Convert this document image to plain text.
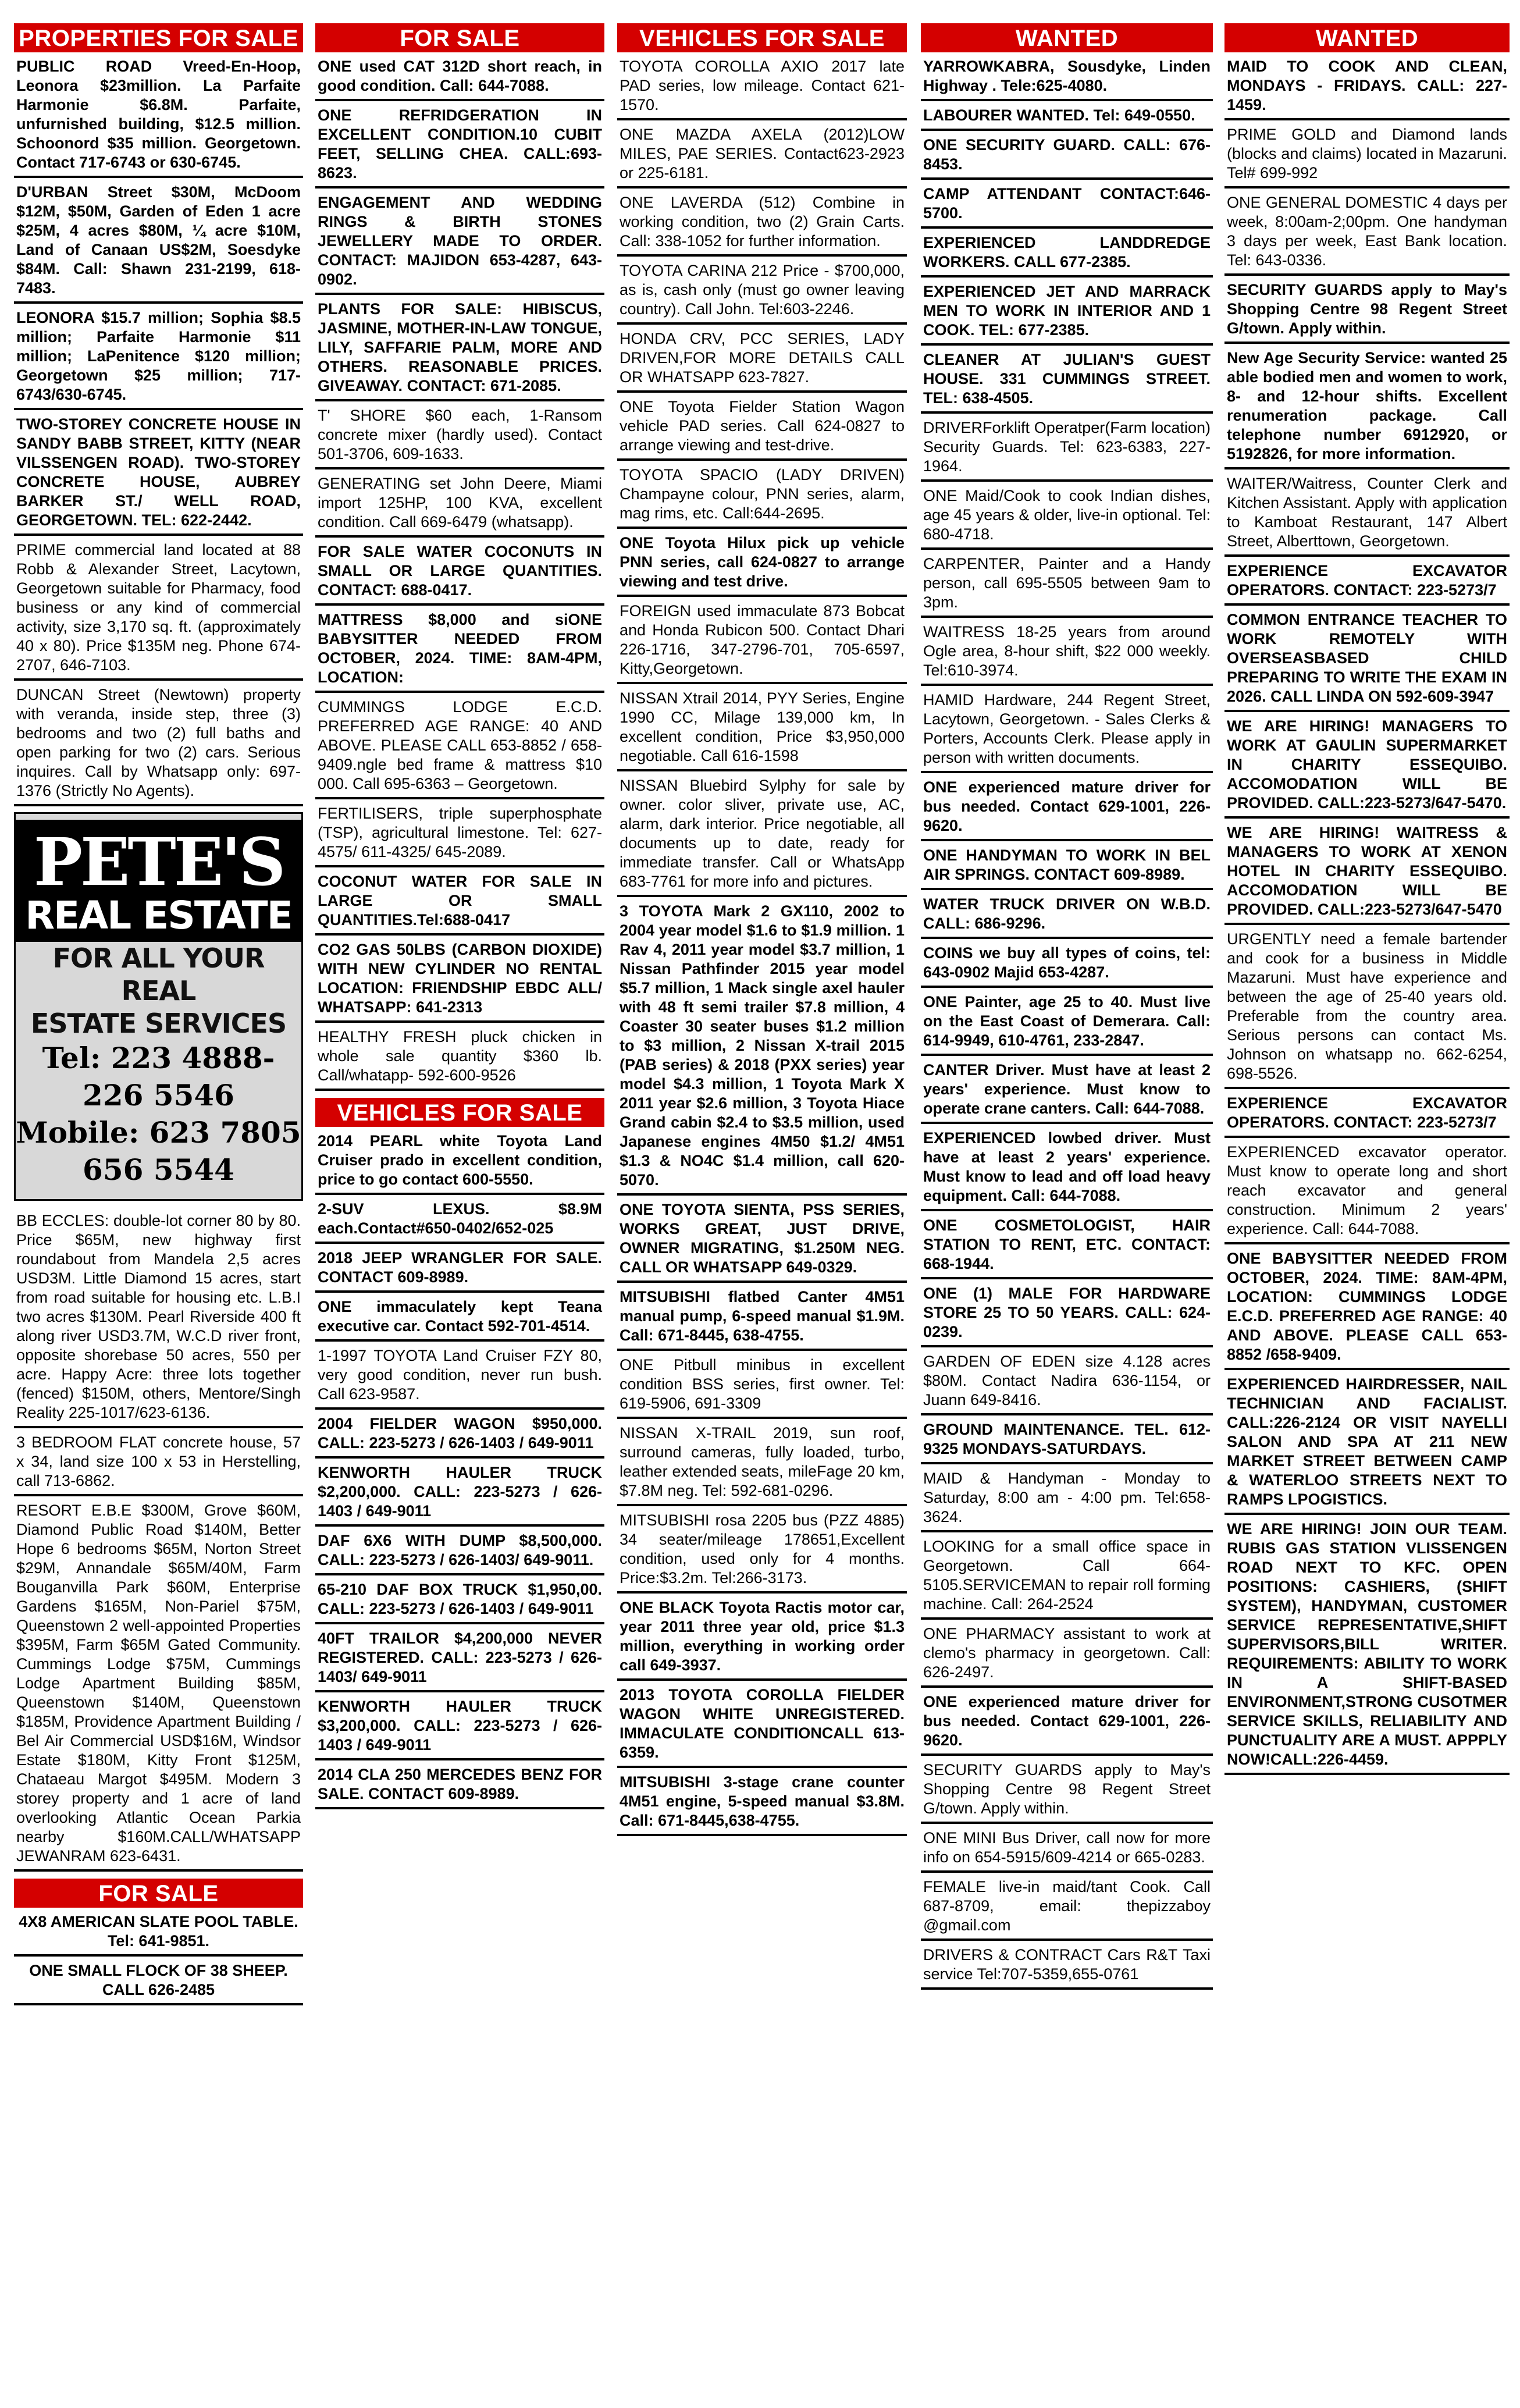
PROPERTIES FOR SALE
PUBLIC ROAD Vreed-En-Hoop, Leonora $23million. La Parfaite Harmonie $6.8M. Parfaite, unfurnished building, $12.5 million. Schoonord $35 million. Georgetown. Contact 717-6743 or 630-6745.
D'URBAN Street $30M, McDoom $12M, $50M, Garden of Eden 1 acre $25M, 4 acres $80M, ¼ acre $10M, Land of Canaan US$2M, Soesdyke $84M. Call: Shawn 231-2199, 618-7483.
LEONORA $15.7 million; Sophia $8.5 million; Parfaite Harmonie $11 million; LaPenitence $120 million; Georgetown $25 million; 717-6743/630-6745.
TWO-STOREY CONCRETE HOUSE IN SANDY BABB STREET, KITTY (NEAR VILSSENGEN ROAD). TWO-STOREY CONCRETE HOUSE, AUBREY BARKER ST./ WELL ROAD, GEORGETOWN. TEL: 622-2442.
PRIME commercial land located at 88 Robb & Alexander Street, Lacytown, Georgetown suitable for Pharmacy, food business or any kind of commercial activity, size 3,170 sq. ft. (approximately 40 x 80). Price $135M neg. Phone 674-2707, 646-7103.
DUNCAN Street (Newtown) property with veranda, inside step, three (3) bedrooms and two (2) full baths and open parking for two (2) cars. Serious inquires. Call by Whatsapp only: 697-1376 (Strictly No Agents).
PETE'S
REAL ESTATE
FOR ALL YOUR REAL
ESTATE SERVICES
Tel: 223 4888-
226 5546
Mobile: 623 7805
656 5544
BB ECCLES: double-lot corner 80 by 80. Price $65M, new highway first roundabout from Mandela 2,5 acres USD3M. Little Diamond 15 acres, start from road suitable for housing etc. L.B.I two acres $130M. Pearl Riverside 400 ft along river USD3.7M, W.C.D river front, opposite shorebase 50 acres, 550 per acre. Happy Acre: three lots together (fenced) $150M, others, Mentore/Singh Reality 225-1017/623-6136.
3 BEDROOM FLAT concrete house, 57 x 34, land size 100 x 53 in Herstelling, call 713-6862.
RESORT E.B.E $300M, Grove $60M, Diamond Public Road $140M, Better Hope 6 bedrooms $65M, Norton Street $29M, Annandale $65M/40M, Farm Bouganvilla Park $60M, Enterprise Gardens $165M, Non-Pariel $75M, Queenstown 2 well-appointed Properties $395M, Farm $65M Gated Community. Cummings Lodge $75M, Cummings Lodge Apartment Building $85M, Queenstown $140M, Queenstown $185M, Providence Apartment Building / Bel Air Commercial USD$16M, Windsor Estate $180M, Kitty Front $125M, Chataeau Margot $495M. Modern 3 storey property and 1 acre of land overlooking Atlantic Ocean Parkia nearby $160M.CALL/WHATSAPP JEWANRAM 623-6431.
FOR SALE
4X8 AMERICAN SLATE POOL TABLE. Tel: 641-9851.
ONE SMALL FLOCK OF 38 SHEEP. CALL 626-2485
FOR SALE
ONE used CAT 312D short reach, in good condition. Call: 644-7088.
ONE REFRIDGERATION IN EXCELLENT CONDITION.10 CUBIT FEET, SELLING CHEA. CALL:693-8623.
ENGAGEMENT AND WEDDING RINGS & BIRTH STONES JEWELLERY MADE TO ORDER. CONTACT: MAJIDON 653-4287, 643-0902.
PLANTS FOR SALE: HIBISCUS, JASMINE, MOTHER-IN-LAW TONGUE, LILY, SAFFARIE PALM, MORE AND OTHERS. REASONABLE PRICES. GIVEAWAY. CONTACT: 671-2085.
T' SHORE $60 each, 1-Ransom concrete mixer (hardly used). Contact 501-3706, 609-1633.
GENERATING set John Deere, Miami import 125HP, 100 KVA, excellent condition. Call 669-6479 (whatsapp).
FOR SALE WATER COCONUTS IN SMALL OR LARGE QUANTITIES. CONTACT: 688-0417.
MATTRESS $8,000 and siONE BABYSITTER NEEDED FROM OCTOBER, 2024. TIME: 8AM-4PM, LOCATION:
CUMMINGS LODGE E.C.D. PREFERRED AGE RANGE: 40 AND ABOVE. PLEASE CALL 653-8852 / 658-9409.ngle bed frame & mattress $10 000. Call 695-6363 – Georgetown.
FERTILISERS, triple superphosphate (TSP), agricultural limestone. Tel: 627-4575/ 611-4325/ 645-2089.
COCONUT WATER FOR SALE IN LARGE OR SMALL QUANTITIES.Tel:688-0417
CO2 GAS 50LBS (CARBON DIOXIDE) WITH NEW CYLINDER NO RENTAL LOCATION: FRIENDSHIP EBDC ALL/ WHATSAPP: 641-2313
HEALTHY FRESH pluck chicken in whole sale quantity $360 lb. Call/whatapp- 592-600-9526
VEHICLES FOR SALE
2014 PEARL white Toyota Land Cruiser prado in excellent condition, price to go contact 600-5550.
2-SUV LEXUS. $8.9M each.Contact#650-0402/652-025
2018 JEEP WRANGLER FOR SALE. CONTACT 609-8989.
ONE immaculately kept Teana executive car. Contact 592-701-4514.
1-1997 TOYOTA Land Cruiser FZY 80, very good condition, never run bush. Call 623-9587.
2004 FIELDER WAGON $950,000. CALL: 223-5273 / 626-1403 / 649-9011
KENWORTH HAULER TRUCK $2,200,000. CALL: 223-5273 / 626-1403 / 649-9011
DAF 6X6 WITH DUMP $8,500,000. CALL: 223-5273 / 626-1403/ 649-9011.
65-210 DAF BOX TRUCK $1,950,00. CALL: 223-5273 / 626-1403 / 649-9011
40FT TRAILOR $4,200,000 NEVER REGISTERED. CALL: 223-5273 / 626-1403/ 649-9011
KENWORTH HAULER TRUCK $3,200,000. CALL: 223-5273 / 626-1403 / 649-9011
2014 CLA 250 MERCEDES BENZ FOR SALE. CONTACT 609-8989.
VEHICLES FOR SALE
TOYOTA COROLLA AXIO 2017 late PAD series, low mileage. Contact 621-1570.
ONE MAZDA AXELA (2012)LOW MILES, PAE SERIES. Contact623-2923 or 225-6181.
ONE LAVERDA (512) Combine in working condition, two (2) Grain Carts. Call: 338-1052 for further information.
TOYOTA CARINA 212 Price - $700,000, as is, cash only (must go owner leaving country). Call John. Tel:603-2246.
HONDA CRV, PCC SERIES, LADY DRIVEN,FOR MORE DETAILS CALL OR WHATSAPP 623-7827.
ONE Toyota Fielder Station Wagon vehicle PAD series. Call 624-0827 to arrange viewing and test-drive.
TOYOTA SPACIO (LADY DRIVEN) Champayne colour, PNN series, alarm, mag rims, etc. Call:644-2695.
ONE Toyota Hilux pick up vehicle PNN series, call 624-0827 to arrange viewing and test drive.
FOREIGN used immaculate 873 Bobcat and Honda Rubicon 500. Contact Dhari 226-1716, 347-2796-701, 705-6597, Kitty,Georgetown.
NISSAN Xtrail 2014, PYY Series, Engine 1990 CC, Milage 139,000 km, In excellent condition, Price $3,950,000 negotiable. Call 616-1598
NISSAN Bluebird Sylphy for sale by owner. color sliver, private use, AC, alarm, dark interior. Price negotiable, all documents up to date, ready for immediate transfer. Call or WhatsApp 683-7761 for more info and pictures.
3 TOYOTA Mark 2 GX110, 2002 to 2004 year model $1.6 to $1.9 million. 1 Rav 4, 2011 year model $3.7 million, 1 Nissan Pathfinder 2015 year model $5.7 million, 1 Mack single axel hauler with 48 ft semi trailer $7.8 million, 4 Coaster 30 seater buses $1.2 million to $3 million, 2 Nissan X-trail 2015 (PAB series) & 2018 (PXX series) year model $4.3 million, 1 Toyota Mark X 2011 year $2.6 million, 3 Toyota Hiace Grand cabin $2.4 to $3.5 million, used Japanese engines 4M50 $1.2/ 4M51 $1.3 & NO4C $1.4 million, call 620-5070.
ONE TOYOTA SIENTA, PSS SERIES, WORKS GREAT, JUST DRIVE, OWNER MIGRATING, $1.250M NEG. CALL OR WHATSAPP 649-0329.
MITSUBISHI flatbed Canter 4M51 manual pump, 6-speed manual $1.9M. Call: 671-8445, 638-4755.
ONE Pitbull minibus in excellent condition BSS series, first owner. Tel: 619-5906, 691-3309
NISSAN X-TRAIL 2019, sun roof, surround cameras, fully loaded, turbo, leather extended seats, mileFage 20 km, $7.8M neg. Tel: 592-681-0296.
MITSUBISHI rosa 2205 bus (PZZ 4885) 34 seater/mileage 178651,Excellent condition, used only for 4 months. Price:$3.2m. Tel:266-3173.
ONE BLACK Toyota Ractis motor car, year 2011 three year old, price $1.3 million, everything in working order call 649-3937.
2013 TOYOTA COROLLA FIELDER WAGON WHITE UNREGISTERED. IMMACULATE CONDITIONCALL 613-6359.
MITSUBISHI 3-stage crane counter 4M51 engine, 5-speed manual $3.8M. Call: 671-8445,638-4755.
WANTED
YARROWKABRA, Sousdyke, Linden Highway . Tele:625-4080.
LABOURER WANTED. Tel: 649-0550.
ONE SECURITY GUARD. CALL: 676-8453.
CAMP ATTENDANT CONTACT:646-5700.
EXPERIENCED LANDDREDGE WORKERS. CALL 677-2385.
EXPERIENCED JET AND MARRACK MEN TO WORK IN INTERIOR AND 1 COOK. TEL: 677-2385.
CLEANER AT JULIAN'S GUEST HOUSE. 331 CUMMINGS STREET. TEL: 638-4505.
DRIVERForklift Operatper(Farm location) Security Guards. Tel: 623-6383, 227-1964.
ONE Maid/Cook to cook Indian dishes, age 45 years & older, live-in optional. Tel: 680-4718.
CARPENTER, Painter and a Handy person, call 695-5505 between 9am to 3pm.
WAITRESS 18-25 years from around Ogle area, 8-hour shift, $22 000 weekly. Tel:610-3974.
HAMID Hardware, 244 Regent Street, Lacytown, Georgetown. - Sales Clerks & Porters, Accounts Clerk. Please apply in person with written documents.
ONE experienced mature driver for bus needed. Contact 629-1001, 226-9620.
ONE HANDYMAN TO WORK IN BEL AIR SPRINGS. CONTACT 609-8989.
WATER TRUCK DRIVER ON W.B.D. CALL: 686-9296.
COINS we buy all types of coins, tel: 643-0902 Majid 653-4287.
ONE Painter, age 25 to 40. Must live on the East Coast of Demerara. Call: 614-9949, 610-4761, 233-2847.
CANTER Driver. Must have at least 2 years' experience. Must know to operate crane canters. Call: 644-7088.
EXPERIENCED lowbed driver. Must have at least 2 years' experience. Must know to lead and off load heavy equipment. Call: 644-7088.
ONE COSMETOLOGIST, HAIR STATION TO RENT, ETC. CONTACT: 668-1944.
ONE (1) MALE FOR HARDWARE STORE 25 TO 50 YEARS. CALL: 624-0239.
GARDEN OF EDEN size 4.128 acres $80M. Contact Nadira 636-1154, or Juann 649-8416.
GROUND MAINTENANCE. TEL. 612-9325 MONDAYS-SATURDAYS.
MAID & Handyman - Monday to Saturday, 8:00 am - 4:00 pm. Tel:658-3624.
LOOKING for a small office space in Georgetown. Call 664-5105.SERVICEMAN to repair roll forming machine. Call: 264-2524
ONE PHARMACY assistant to work at clemo's pharmacy in georgetown. Call: 626-2497.
ONE experienced mature driver for bus needed. Contact 629-1001, 226-9620.
SECURITY GUARDS apply to May's Shopping Centre 98 Regent Street G/town. Apply within.
ONE MINI Bus Driver, call now for more info on 654-5915/609-4214 or 665-0283.
FEMALE live-in maid/tant Cook. Call 687-8709, email: thepizzaboy @gmail.com
DRIVERS & CONTRACT Cars R&T Taxi service Tel:707-5359,655-0761
WANTED
MAID TO COOK AND CLEAN, MONDAYS - FRIDAYS. CALL: 227-1459.
PRIME GOLD and Diamond lands (blocks and claims) located in Mazaruni. Tel# 699-992
ONE GENERAL DOMESTIC 4 days per week, 8:00am-2;00pm. One handyman 3 days per week, East Bank location. Tel: 643-0336.
SECURITY GUARDS apply to May's Shopping Centre 98 Regent Street G/town. Apply within.
New Age Security Service: wanted 25 able bodied men and women to work, 8- and 12-hour shifts. Excellent renumeration package. Call telephone number 6912920, or 5192826, for more information.
WAITER/Waitress, Counter Clerk and Kitchen Assistant. Apply with application to Kamboat Restaurant, 147 Albert Street, Alberttown, Georgetown.
EXPERIENCE EXCAVATOR OPERATORS. CONTACT: 223-5273/7
COMMON ENTRANCE TEACHER TO WORK REMOTELY WITH OVERSEASBASED CHILD PREPARING TO WRITE THE EXAM IN 2026. CALL LINDA ON 592-609-3947
WE ARE HIRING! MANAGERS TO WORK AT GAULIN SUPERMARKET IN CHARITY ESSEQUIBO. ACCOMODATION WILL BE PROVIDED. CALL:223-5273/647-5470.
WE ARE HIRING! WAITRESS & MANAGERS TO WORK AT XENON HOTEL IN CHARITY ESSEQUIBO. ACCOMODATION WILL BE PROVIDED. CALL:223-5273/647-5470
URGENTLY need a female bartender and cook for a business in Middle Mazaruni. Must have experience and between the age of 25-40 years old. Preferable from the country area. Serious persons can contact Ms. Johnson on whatsapp no. 662-6254, 698-5526.
EXPERIENCE EXCAVATOR OPERATORS. CONTACT: 223-5273/7
EXPERIENCED excavator operator. Must know to operate long and short reach excavator and general construction. Minimum 2 years' experience. Call: 644-7088.
ONE BABYSITTER NEEDED FROM OCTOBER, 2024. TIME: 8AM-4PM, LOCATION: CUMMINGS LODGE E.C.D. PREFERRED AGE RANGE: 40 AND ABOVE. PLEASE CALL 653-8852 /658-9409.
EXPERIENCED HAIRDRESSER, NAIL TECHNICIAN AND FACIALIST. CALL:226-2124 OR VISIT NAYELLI SALON AND SPA AT 211 NEW MARKET STREET BETWEEN CAMP & WATERLOO STREETS NEXT TO RAMPS LPOGISTICS.
WE ARE HIRING! JOIN OUR TEAM. RUBIS GAS STATION VLISSENGEN ROAD NEXT TO KFC. OPEN POSITIONS: CASHIERS, (SHIFT SYSTEM), HANDYMAN, CUSTOMER SERVICE REPRESENTATIVE,SHIFT SUPERVISORS,BILL WRITER. REQUIREMENTS: ABILITY TO WORK IN A SHIFT-BASED ENVIRONMENT,STRONG CUSOTMER SERVICE SKILLS, RELIABILITY AND PUNCTUALITY ARE A MUST. APPPLY NOW!CALL:226-4459.
